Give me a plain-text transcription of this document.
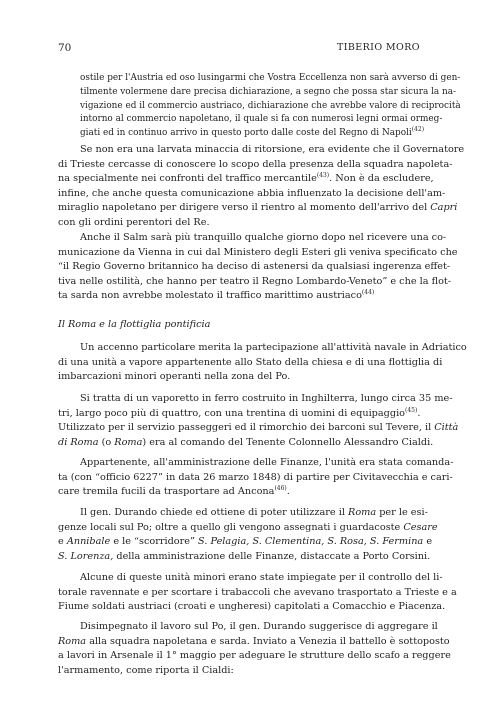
70	TIBERIO MORO
ostile per l'Austria ed oso lusingarmi che Vostra Eccellenza non sarà avverso di gen-
tilmente volermene dare precisa dichiarazione, a segno che possa star sicura la na-
vigazione ed il commercio austriaco, dichiarazione che avrebbe valore di reciprocità
intorno al commercio napoletano, il quale si fa con numerosi legni ormai ormeg-
giati ed in continuo arrivo in questo porto dalle coste del Regno di Napoli$^{(42)}$
Se non era una larvata minaccia di ritorsione, era evidente che il Governatore
di Trieste cercasse di conoscere lo scopo della presenza della squadra napoleta-
na specialmente nei confronti del traffico mercantile$^{(43)}$. Non è da escludere,
infine, che anche questa comunicazione abbia influenzato la decisione dell'am-
miraglio napoletano per dirigere verso il rientro al momento dell'arrivo del Capri
con gli ordini perentori del Re.
Anche il Salm sarà più tranquillo qualche giorno dopo nel ricevere una co-
municazione da Vienna in cui dal Ministero degli Esteri gli veniva specificato che
“il Regio Governo britannico ha deciso di astenersi da qualsiasi ingerenza effet-
tiva nelle ostilità, che hanno per teatro il Regno Lombardo-Veneto” e che la flot-
ta sarda non avrebbe molestato il traffico marittimo austriaco$^{(44)}$
Il Roma e la flottiglia pontificia
Un accenno particolare merita la partecipazione all'attività navale in Adriatico
di una unità a vapore appartenente allo Stato della chiesa e di una flottiglia di
imbarcazioni minori operanti nella zona del Po.
Si tratta di un vaporetto in ferro costruito in Inghilterra, lungo circa 35 me-
tri, largo poco più di quattro, con una trentina di uomini di equipaggio$^{(45)}$.
Utilizzato per il servizio passeggeri ed il rimorchio dei barconi sul Tevere, il Città
di Roma (o Roma) era al comando del Tenente Colonnello Alessandro Cialdi.
Appartenente, all'amministrazione delle Finanze, l'unità era stata comanda-
ta (con “officio 6227” in data 26 marzo 1848) di partire per Civitavecchia e cari-
care tremila fucili da trasportare ad Ancona$^{(46)}$.
Il gen. Durando chiede ed ottiene di poter utilizzare il Roma per le esi-
genze locali sul Po; oltre a quello gli vengono assegnati i guardacoste Cesare
e Annibale e le “scorridore” S. Pelagia, S. Clementina, S. Rosa, S. Fermina e
S. Lorenza, della amministrazione delle Finanze, distaccate a Porto Corsini.
Alcune di queste unità minori erano state impiegate per il controllo del li-
torale ravennate e per scortare i trabaccoli che avevano trasportato a Trieste e a
Fiume soldati austriaci (croati e ungheresi) capitolati a Comacchio e Piacenza.
Disimpegnato il lavoro sul Po, il gen. Durando suggerisce di aggregare il
Roma alla squadra napoletana e sarda. Inviato a Venezia il battello è sottoposto
a lavori in Arsenale il 1° maggio per adeguare le strutture dello scafo a reggere
l'armamento, come riporta il Cialdi:
